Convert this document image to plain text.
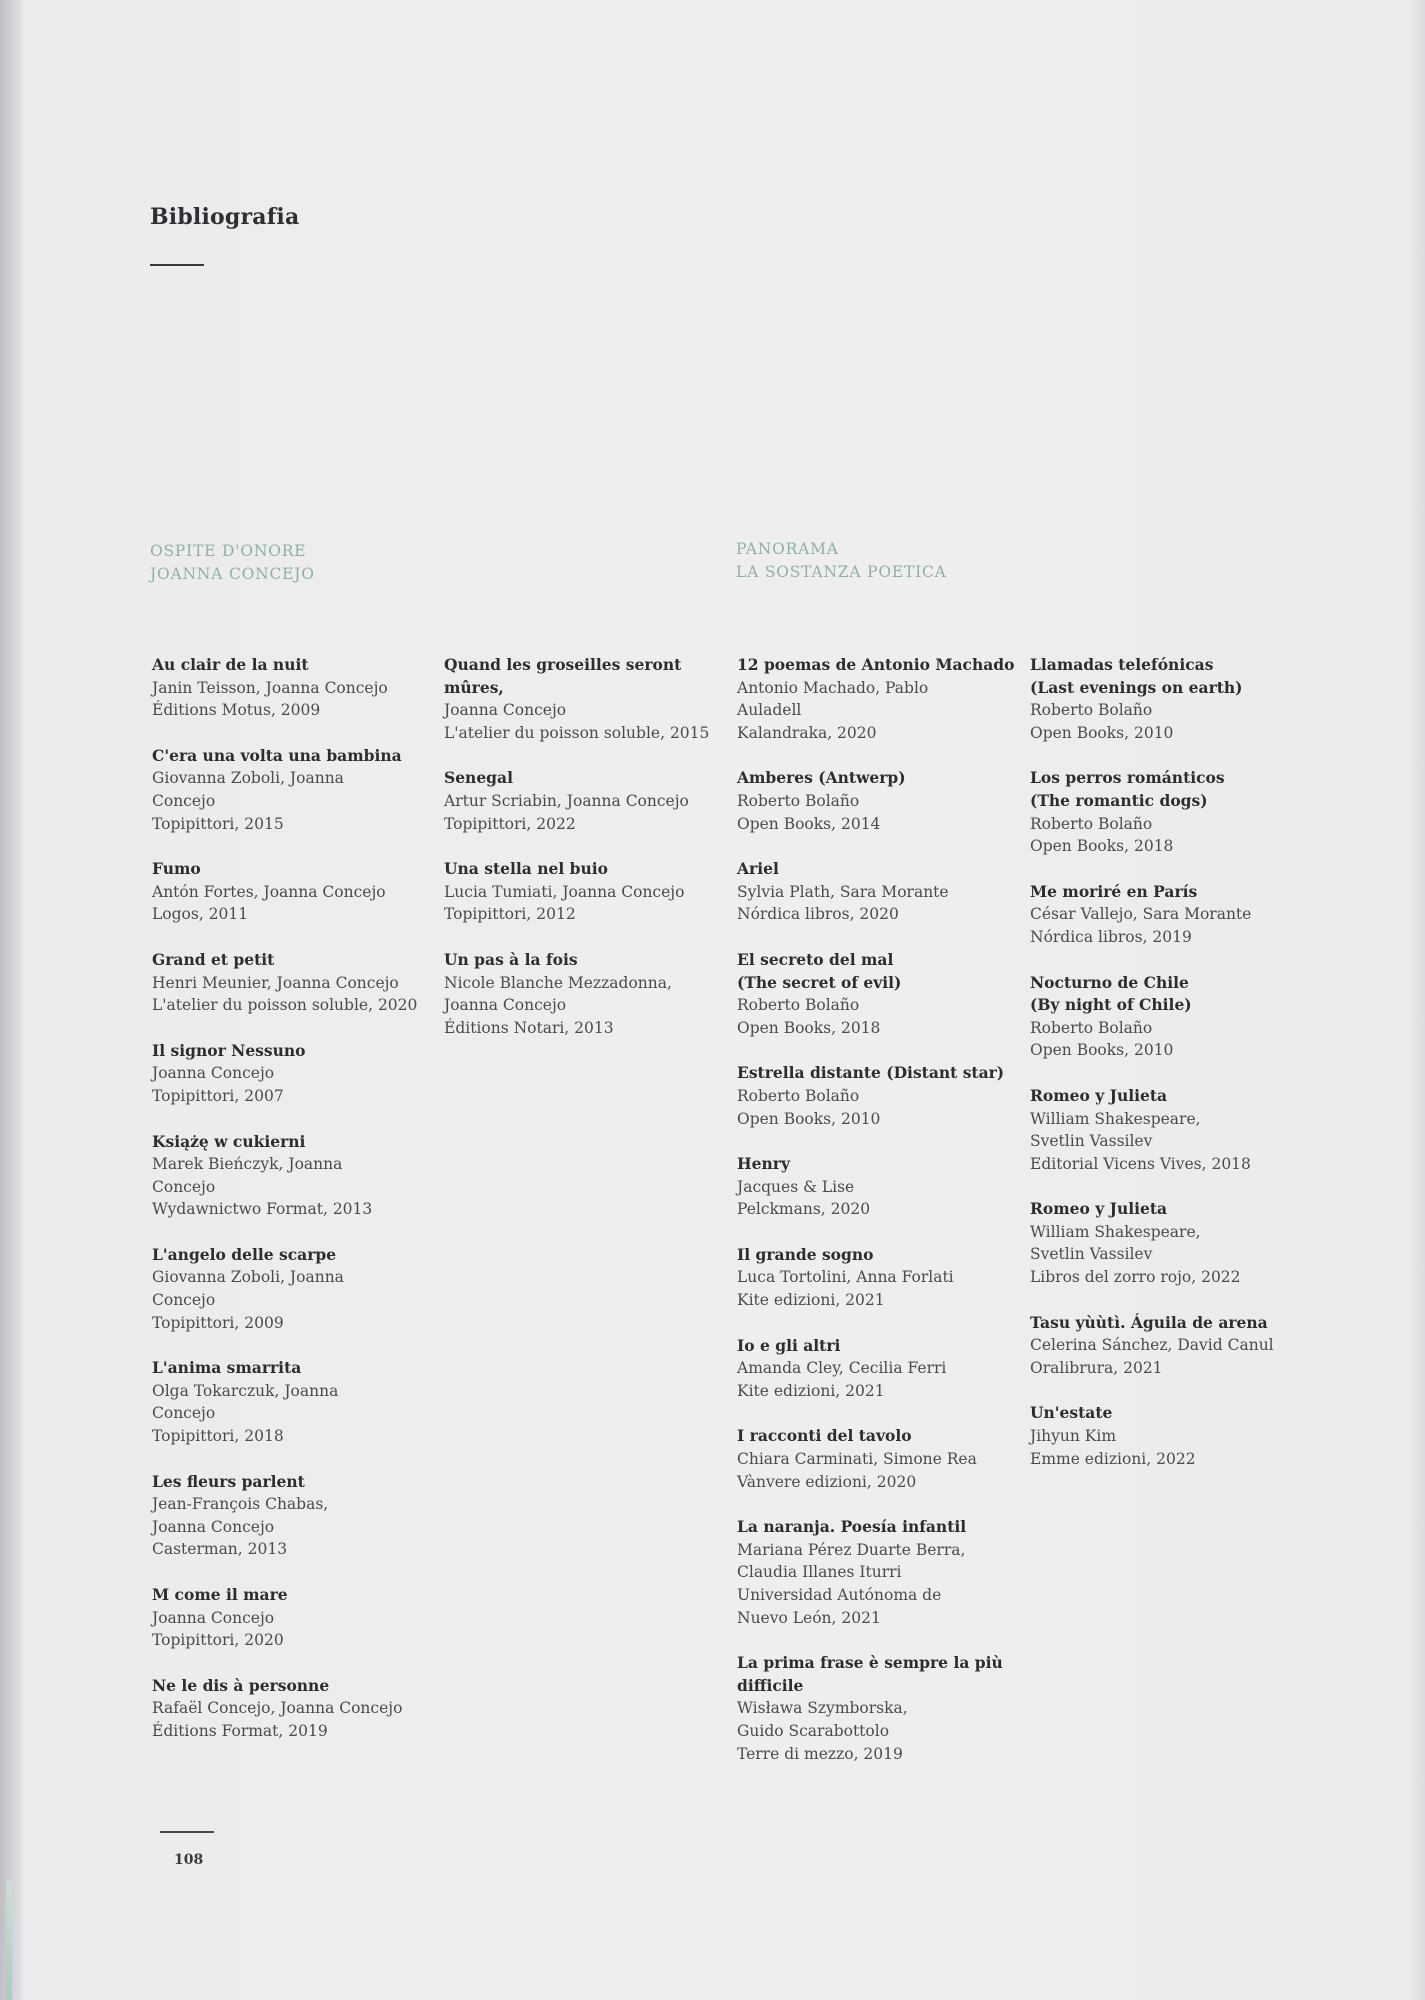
Bibliografia
OSPITE D'ONORE
JOANNA CONCEJO
PANORAMA
LA SOSTANZA POETICA
Au clair de la nuit
Janin Teisson, Joanna Concejo
Éditions Motus, 2009
C'era una volta una bambina
Giovanna Zoboli, Joanna
Concejo
Topipittori, 2015
Fumo
Antón Fortes, Joanna Concejo
Logos, 2011
Grand et petit
Henri Meunier, Joanna Concejo
L'atelier du poisson soluble, 2020
Il signor Nessuno
Joanna Concejo
Topipittori, 2007
Książę w cukierni
Marek Bieńczyk, Joanna
Concejo
Wydawnictwo Format, 2013
L'angelo delle scarpe
Giovanna Zoboli, Joanna
Concejo
Topipittori, 2009
L'anima smarrita
Olga Tokarczuk, Joanna
Concejo
Topipittori, 2018
Les fleurs parlent
Jean-François Chabas,
Joanna Concejo
Casterman, 2013
M come il mare
Joanna Concejo
Topipittori, 2020
Ne le dis à personne
Rafaël Concejo, Joanna Concejo
Éditions Format, 2019
Quand les groseilles seront
mûres,
Joanna Concejo
L'atelier du poisson soluble, 2015
Senegal
Artur Scriabin, Joanna Concejo
Topipittori, 2022
Una stella nel buio
Lucia Tumiati, Joanna Concejo
Topipittori, 2012
Un pas à la fois
Nicole Blanche Mezzadonna,
Joanna Concejo
Éditions Notari, 2013
12 poemas de Antonio Machado
Antonio Machado, Pablo
Auladell
Kalandraka, 2020
Amberes (Antwerp)
Roberto Bolaño
Open Books, 2014
Ariel
Sylvia Plath, Sara Morante
Nórdica libros, 2020
El secreto del mal
(The secret of evil)
Roberto Bolaño
Open Books, 2018
Estrella distante (Distant star)
Roberto Bolaño
Open Books, 2010
Henry
Jacques & Lise
Pelckmans, 2020
Il grande sogno
Luca Tortolini, Anna Forlati
Kite edizioni, 2021
Io e gli altri
Amanda Cley, Cecilia Ferri
Kite edizioni, 2021
I racconti del tavolo
Chiara Carminati, Simone Rea
Vànvere edizioni, 2020
La naranja. Poesía infantil
Mariana Pérez Duarte Berra,
Claudia Illanes Iturri
Universidad Autónoma de
Nuevo León, 2021
La prima frase è sempre la più
difficile
Wisława Szymborska,
Guido Scarabottolo
Terre di mezzo, 2019
Llamadas telefónicas
(Last evenings on earth)
Roberto Bolaño
Open Books, 2010
Los perros románticos
(The romantic dogs)
Roberto Bolaño
Open Books, 2018
Me moriré en París
César Vallejo, Sara Morante
Nórdica libros, 2019
Nocturno de Chile
(By night of Chile)
Roberto Bolaño
Open Books, 2010
Romeo y Julieta
William Shakespeare,
Svetlin Vassilev
Editorial Vicens Vives, 2018
Romeo y Julieta
William Shakespeare,
Svetlin Vassilev
Libros del zorro rojo, 2022
Tasu yùùtì. Águila de arena
Celerina Sánchez, David Canul
Oralibrura, 2021
Un'estate
Jihyun Kim
Emme edizioni, 2022
108
